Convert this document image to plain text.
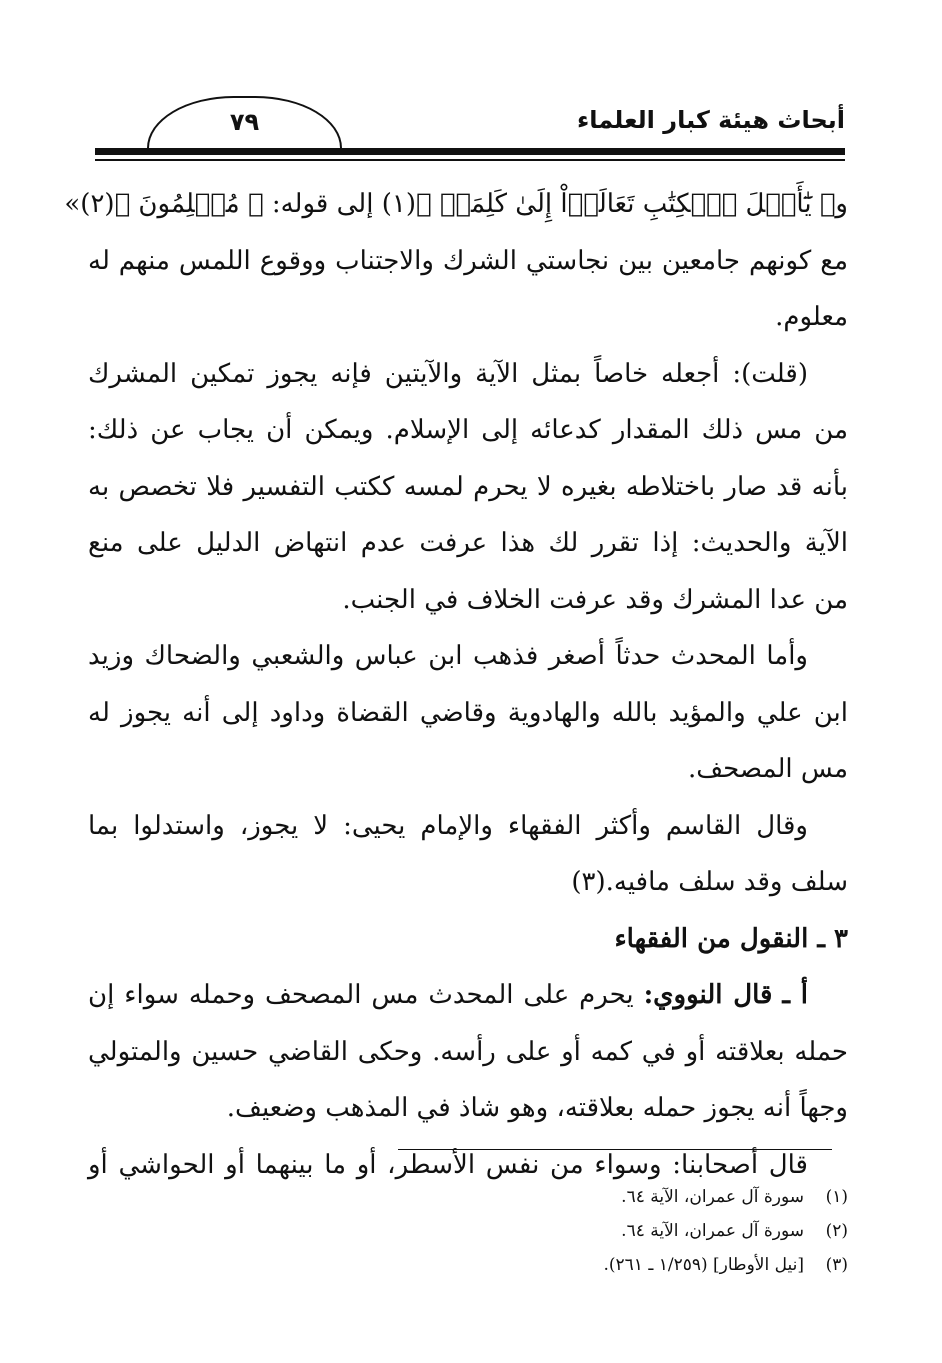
٧٩	أبحاث هيئة كبار العلماء
و﴿ يَٰٓأَهۡلَ ٱلۡكِتَٰبِ تَعَالَوۡاْ إِلَىٰ كَلِمَةٖ ﴾(١) إلى قوله: ﴿ مُسۡلِمُونَ ﴾(٢)»
مع كونهم جامعين بين نجاستي الشرك والاجتناب ووقوع اللمس منهم له
معلوم.
(قلت): أجعله خاصاً بمثل الآية والآيتين فإنه يجوز تمكين المشرك
من مس ذلك المقدار كدعائه إلى الإسلام. ويمكن أن يجاب عن ذلك:
بأنه قد صار باختلاطه بغيره لا يحرم لمسه ككتب التفسير فلا تخصص به
الآية والحديث: إذا تقرر لك هذا عرفت عدم انتهاض الدليل على منع
من عدا المشرك وقد عرفت الخلاف في الجنب.
وأما المحدث حدثاً أصغر فذهب ابن عباس والشعبي والضحاك وزيد
ابن علي والمؤيد بالله والهادوية وقاضي القضاة وداود إلى أنه يجوز له
مس المصحف.
وقال القاسم وأكثر الفقهاء والإمام يحيى: لا يجوز، واستدلوا بما
سلف وقد سلف مافيه.(٣)
٣ ـ النقول من الفقهاء
أ ـ قال النووي: يحرم على المحدث مس المصحف وحمله سواء إن
حمله بعلاقته أو في كمه أو على رأسه. وحكى القاضي حسين والمتولي
وجهاً أنه يجوز حمله بعلاقته، وهو شاذ في المذهب وضعيف.
قال أصحابنا: وسواء من نفس الأسطر، أو ما بينهما أو الحواشي أو
(١)سورة آل عمران، الآية ٦٤.
(٢)سورة آل عمران، الآية ٦٤.
(٣)[نيل الأوطار] (١/٢٥٩ ـ ٢٦١).
